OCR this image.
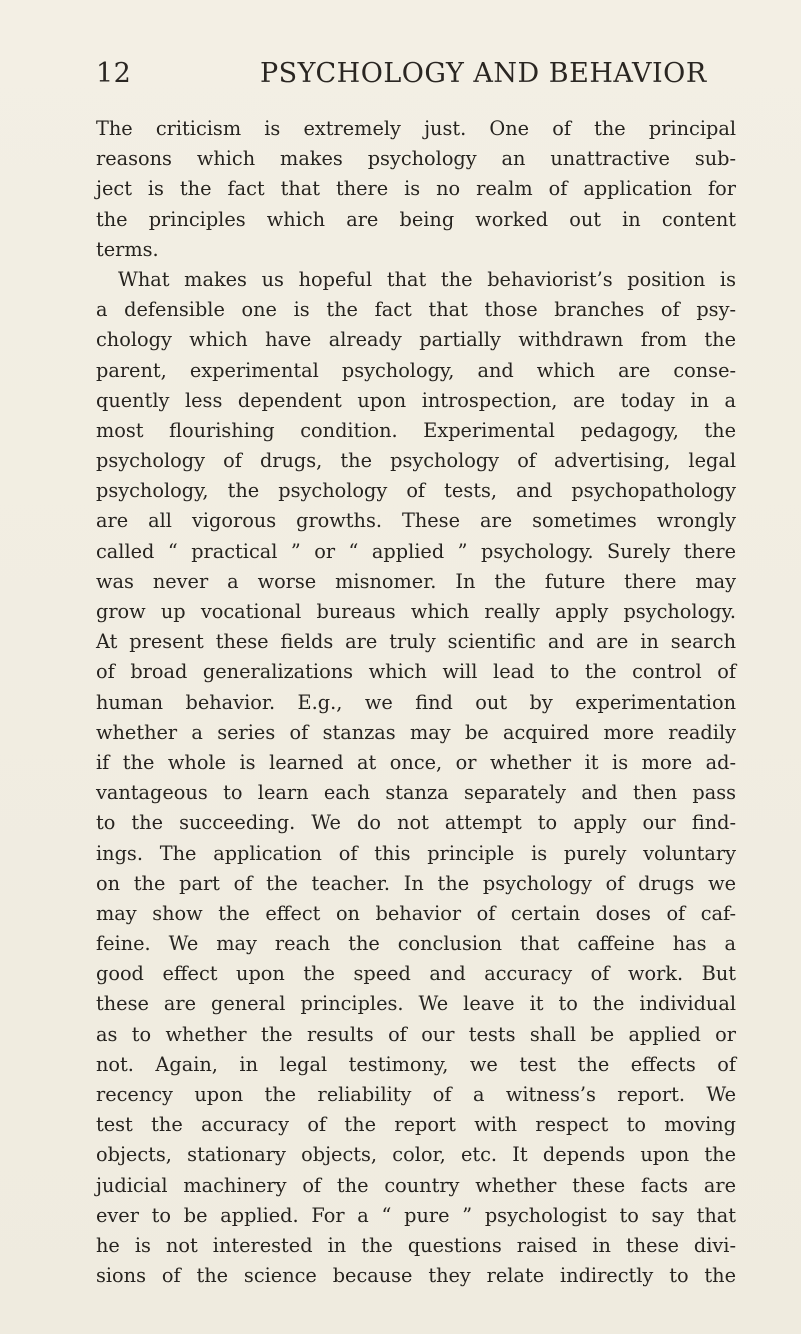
12	PSYCHOLOGY AND BEHAVIOR
The criticism is extremely just. One of the principal
reasons which makes psychology an unattractive sub-
ject is the fact that there is no realm of application for
the principles which are being worked out in content
terms.
What makes us hopeful that the behaviorist’s position is
a defensible one is the fact that those branches of psy-
chology which have already partially withdrawn from the
parent, experimental psychology, and which are conse-
quently less dependent upon introspection, are today in a
most flourishing condition. Experimental pedagogy, the
psychology of drugs, the psychology of advertising, legal
psychology, the psychology of tests, and psychopathology
are all vigorous growths. These are sometimes wrongly
called “ practical ” or “ applied ” psychology. Surely there
was never a worse misnomer. In the future there may
grow up vocational bureaus which really apply psychology.
At present these fields are truly scientific and are in search
of broad generalizations which will lead to the control of
human behavior. E.g., we find out by experimentation
whether a series of stanzas may be acquired more readily
if the whole is learned at once, or whether it is more ad-
vantageous to learn each stanza separately and then pass
to the succeeding. We do not attempt to apply our find-
ings. The application of this principle is purely voluntary
on the part of the teacher. In the psychology of drugs we
may show the effect on behavior of certain doses of caf-
feine. We may reach the conclusion that caffeine has a
good effect upon the speed and accuracy of work. But
these are general principles. We leave it to the individual
as to whether the results of our tests shall be applied or
not. Again, in legal testimony, we test the effects of
recency upon the reliability of a witness’s report. We
test the accuracy of the report with respect to moving
objects, stationary objects, color, etc. It depends upon the
judicial machinery of the country whether these facts are
ever to be applied. For a “ pure ” psychologist to say that
he is not interested in the questions raised in these divi-
sions of the science because they relate indirectly to the
